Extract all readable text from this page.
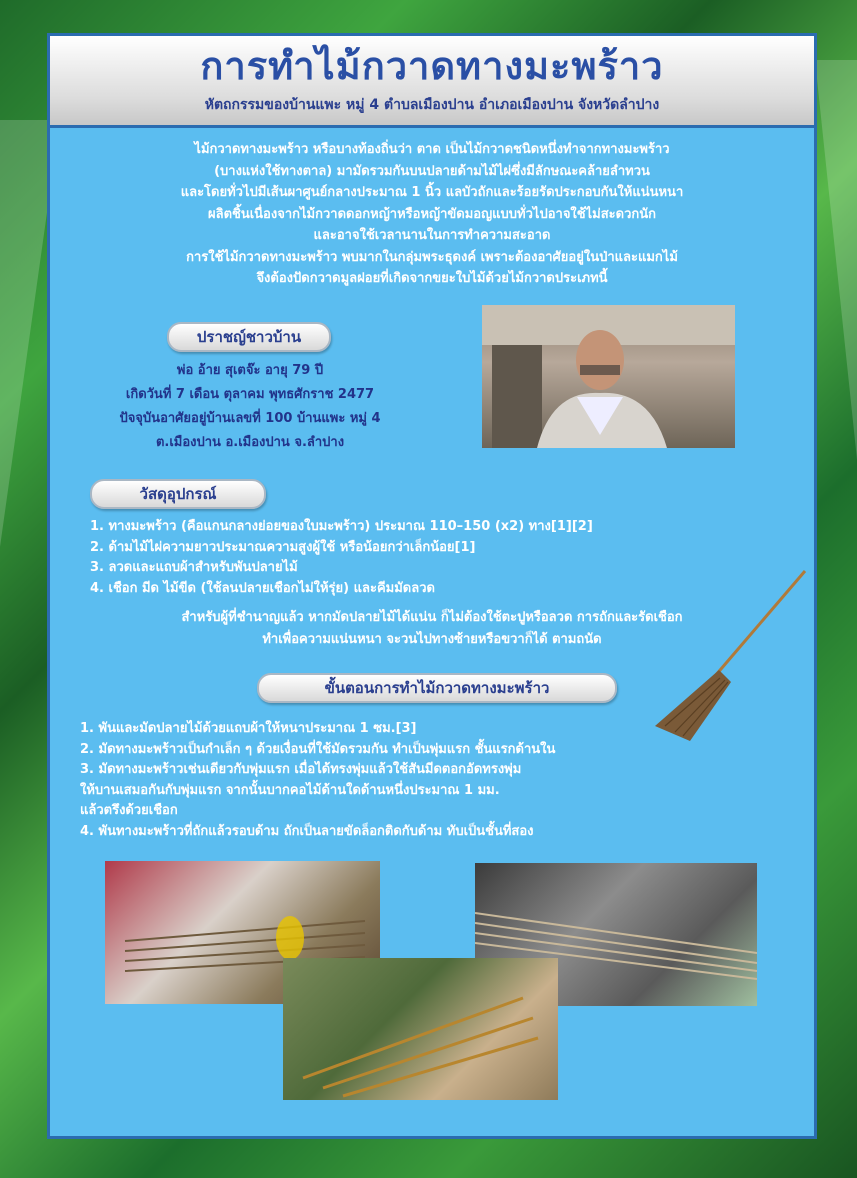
การทำไม้กวาดทางมะพร้าว
หัตถกรรมของบ้านแพะ หมู่ 4 ตำบลเมืองปาน อำเภอเมืองปาน จังหวัดลำปาง
ไม้กวาดทางมะพร้าว หรือบางท้องถิ่นว่า ตาด เป็นไม้กวาดชนิดหนึ่งทำจากทางมะพร้าว
(บางแห่งใช้ทางตาล) มามัดรวมกันบนปลายด้ามไม้ไผ่ซึ่งมีลักษณะคล้ายลำทวน
และโดยทั่วไปมีเส้นผาศูนย์กลางประมาณ 1 นิ้ว แลบัวถักและร้อยรัดประกอบกันให้แน่นหนา
ผลิตชิ้นเนื่องจากไม้กวาดดอกหญ้าหรือหญ้าขัดมอญแบบทั่วไปอาจใช้ไม่สะดวกนัก
และอาจใช้เวลานานในการทำความสะอาด
การใช้ไม้กวาดทางมะพร้าว พบมากในกลุ่มพระธุดงค์ เพราะต้องอาศัยอยู่ในป่าและแมกไม้
จึงต้องปัดกวาดมูลฝอยที่เกิดจากขยะใบไม้ด้วยไม้กวาดประเภทนี้
ปราชญ์ชาวบ้าน
พ่อ อ้าย สุเตจ๊ะ อายุ 79 ปี
เกิดวันที่ 7 เดือน ตุลาคม พุทธศักราช 2477
ปัจจุบันอาศัยอยู่บ้านเลขที่ 100 บ้านแพะ หมู่ 4
ต.เมืองปาน อ.เมืองปาน จ.ลำปาง
วัสดุอุปกรณ์
1. ทางมะพร้าว (คือแกนกลางย่อยของใบมะพร้าว) ประมาณ 110–150 (x2) ทาง[1][2]
2. ด้ามไม้ไผ่ความยาวประมาณความสูงผู้ใช้ หรือน้อยกว่าเล็กน้อย[1]
3. ลวดและแถบผ้าสำหรับพันปลายไม้
4. เชือก มีด ไม้ขีด (ใช้ลนปลายเชือกไม่ให้รุ่ย) และคีมมัดลวด
สำหรับผู้ที่ชำนาญแล้ว หากมัดปลายไม้ได้แน่น ก็ไม่ต้องใช้ตะปูหรือลวด การถักและรัดเชือก
ทำเพื่อความแน่นหนา จะวนไปทางซ้ายหรือขวาก็ได้ ตามถนัด
ขั้นตอนการทำไม้กวาดทางมะพร้าว
1. พันและมัดปลายไม้ด้วยแถบผ้าให้หนาประมาณ 1 ซม.[3]
2. มัดทางมะพร้าวเป็นกำเล็ก ๆ ด้วยเงื่อนที่ใช้มัดรวมกัน ทำเป็นพุ่มแรก ชั้นแรกด้านใน
3. มัดทางมะพร้าวเช่นเดียวกับพุ่มแรก เมื่อได้ทรงพุ่มแล้วใช้สันมีดตอกอัดทรงพุ่ม
ให้บานเสมอกันกับพุ่มแรก จากนั้นบากคอไม้ด้านใดด้านหนึ่งประมาณ 1 มม.
แล้วตรึงด้วยเชือก
4. พันทางมะพร้าวที่ถักแล้วรอบด้าม ถักเป็นลายขัดล็อกติดกับด้าม ทับเป็นชั้นที่สอง
